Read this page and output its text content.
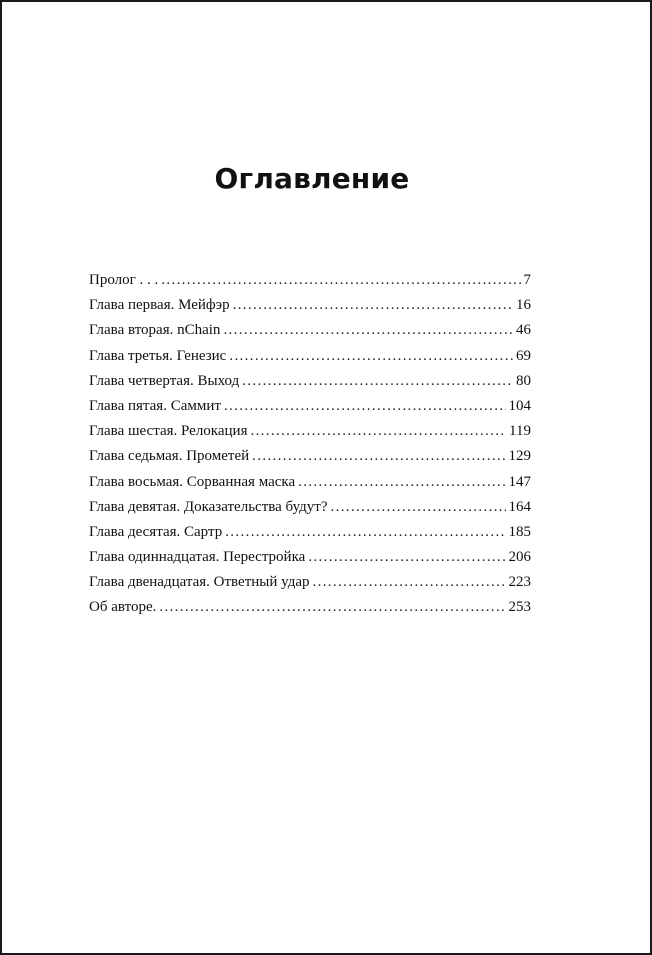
Оглавление
Пролог . . . . . .	7
Глава первая. Мейфэр . . .	16
Глава вторая. nChain . . .	46
Глава третья. Генезис . . .	69
Глава четвертая. Выход . . .	80
Глава пятая. Саммит . . .	104
Глава шестая. Релокация . . .	119
Глава седьмая. Прометей . . .	129
Глава восьмая. Сорванная маска . . .	147
Глава девятая. Доказательства будут? . . .	164
Глава десятая. Сартр . . .	185
Глава одиннадцатая. Перестройка . . .	206
Глава двенадцатая. Ответный удар . . .	223
Об авторе. . . .	253
